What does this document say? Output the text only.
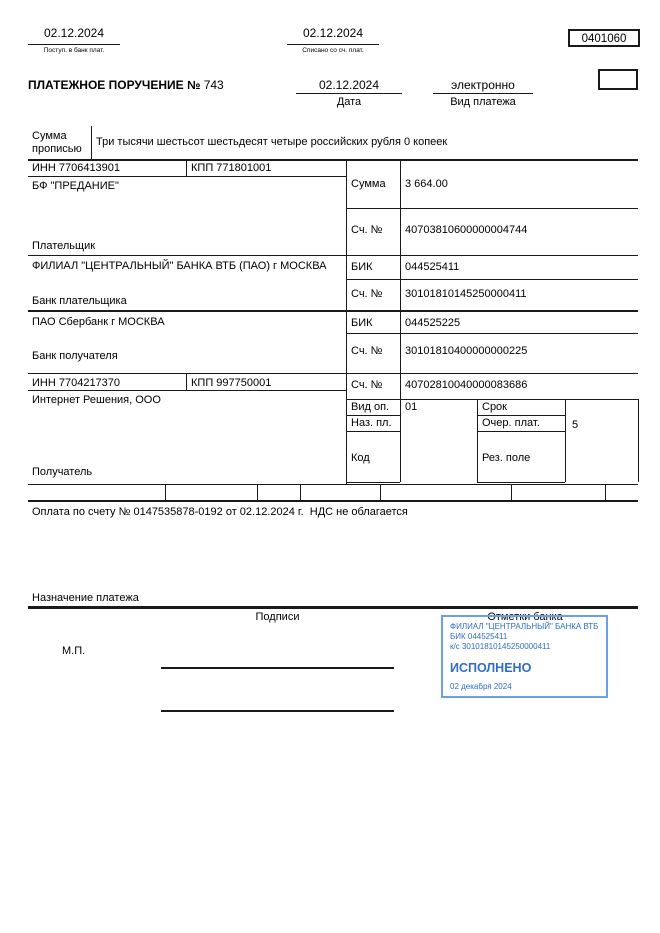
02.12.2024
Поступ. в банк плат.
02.12.2024
Списано со сч. плат.
0401060
ПЛАТЕЖНОЕ ПОРУЧЕНИЕ № 743	02.12.2024
Дата
электронно
Вид платежа
Сумма прописью
Три тысячи шестьсот шестьдесят четыре российских рубля 0 копеек
ИНН 7706413901	КПП 771801001
БФ "ПРЕДАНИЕ"
Плательщик
Сумма 3 664.00
Сч. № 40703810600000004744
ФИЛИАЛ "ЦЕНТРАЛЬНЫЙ" БАНКА ВТБ (ПАО) г МОСКВА
Банк плательщика
БИК	044525411
Сч. № 30101810145250000411
ПАО Сбербанк г МОСКВА
Банк получателя
БИК	044525225
Сч. № 30101810400000000225
ИНН 7704217370	КПП 997750001
Интернет Решения, ООО
Сч. № 40702810040000083686
Вид оп. 01	Срок
Наз. пл.	Очер. плат.	5
Код	Рез. поле
Получатель
Оплата по счету № 0147535878-0192 от 02.12.2024 г.  НДС не облагается
Назначение платежа
Подписи	Отметки банка
М.П.
ФИЛИАЛ "ЦЕНТРАЛЬНЫЙ" БАНКА ВТБ
БИК 044525411
к/с 30101810145250000411
ИСПОЛНЕНО
02 декабря 2024
